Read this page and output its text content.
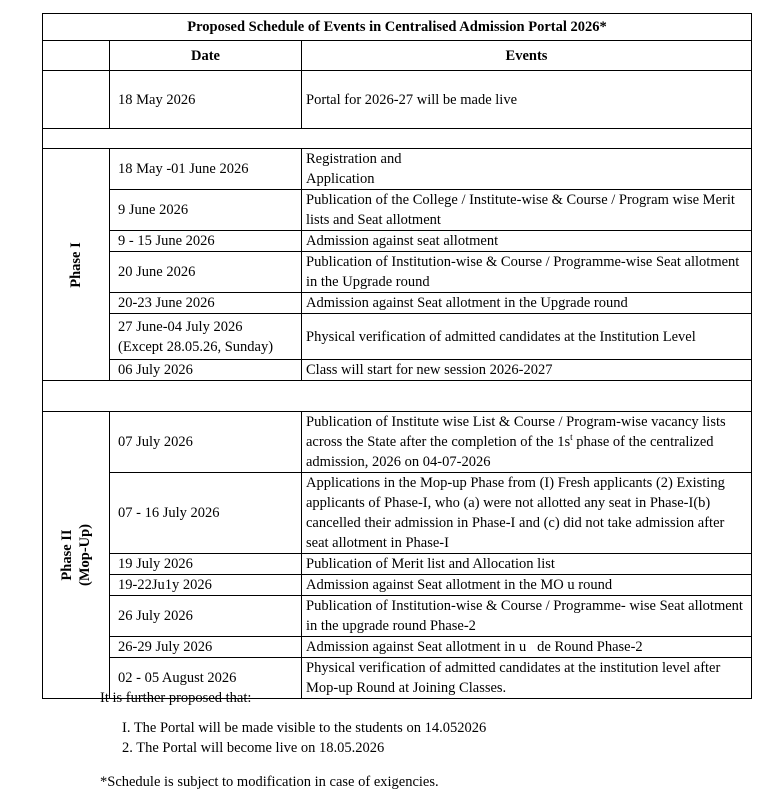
Proposed Schedule of Events in Centralised Admission Portal 2026*		
	Date	Events
	18 May 2026	Portal for 2026-27 will be made live

Phase I	18 May -01 June 2026	Registration and
Application
	9 June 2026	Publication of the College / Institute-wise & Course / Program wise Merit lists and Seat allotment
	9 - 15 June 2026	Admission against seat allotment
	20 June 2026	Publication of Institution-wise & Course / Programme-wise Seat allotment in the Upgrade round
	20-23 June 2026	Admission against Seat allotment in the Upgrade round
	27 June-04 July 2026
(Except 28.05.26, Sunday)	Physical verification of admitted candidates at the Institution Level
	06 July 2026	Class will start for new session 2026-2027

Phase II (Mop-Up)	07 July 2026	Publication of Institute wise List & Course / Program-wise vacancy lists across the State after the completion of the $1s^t$ phase of the centralized admission, 2026 on 04-07-2026
	07 - 16 July 2026	Applications in the Mop-up Phase from (I) Fresh applicants (2) Existing applicants of Phase-I, who (a) were not allotted any seat in Phase-I(b) cancelled their admission in Phase-I and (c) did not take admission after seat allotment in Phase-I
	19 July 2026	Publication of Merit list and Allocation list
	19-22Ju1y 2026	Admission against Seat allotment in the MO u round
	26 July 2026	Publication of Institution-wise & Course / Programme- wise Seat allotment in the upgrade round Phase-2
	26-29 July 2026	Admission against Seat allotment in u   de Round Phase-2
	02 - 05 August 2026	Physical verification of admitted candidates at the institution level after Mop-up Round at Joining Classes.

It is further proposed that:

I. The Portal will be made visible to the students on 14.052026

2. The Portal will become live on 18.05.2026

*Schedule is subject to modification in case of exigencies.
